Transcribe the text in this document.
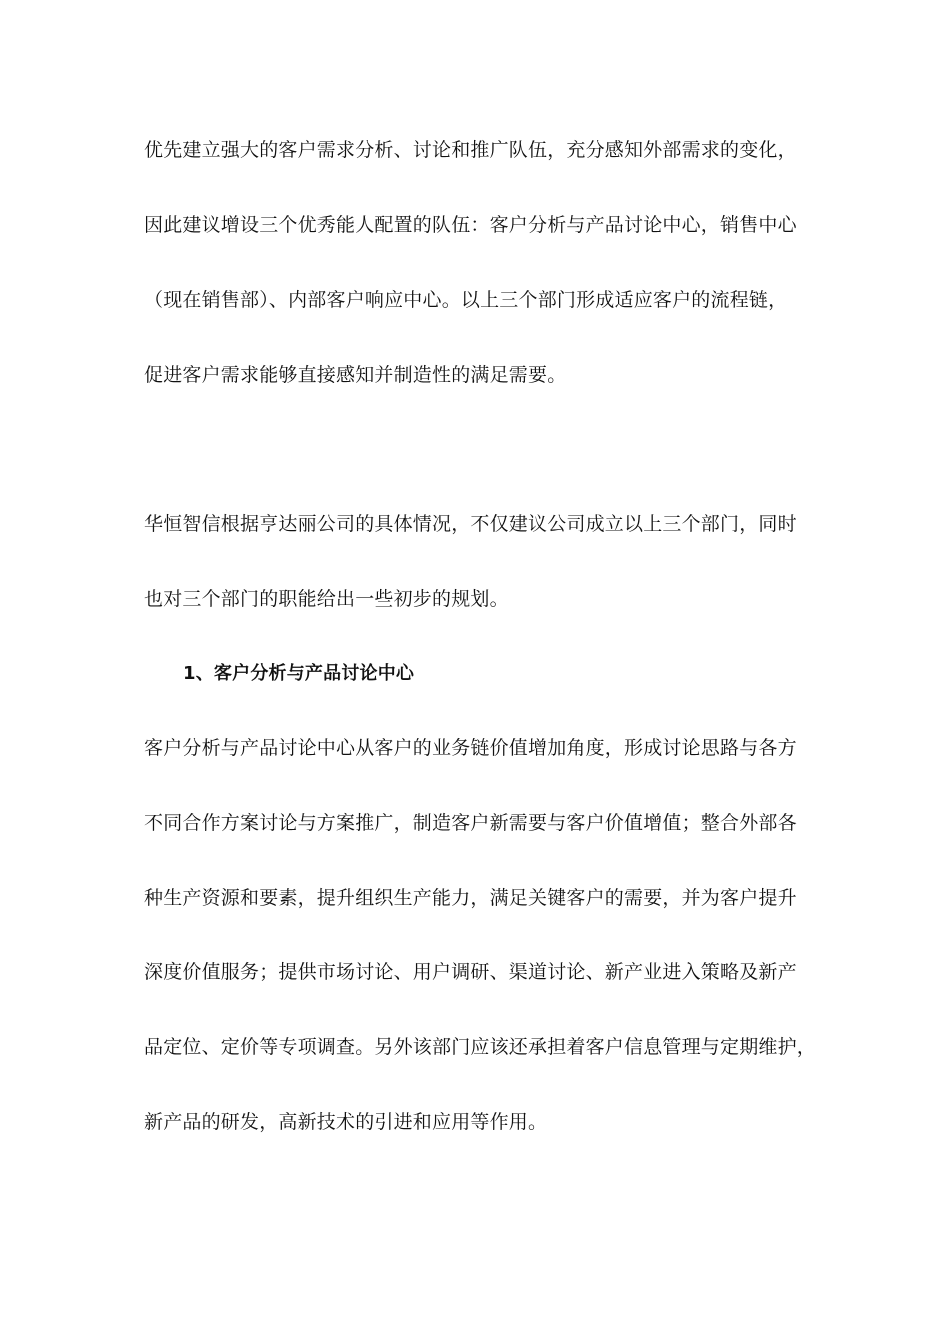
优先建立强大的客户需求分析、讨论和推广队伍，充分感知外部需求的变化，
因此建议增设三个优秀能人配置的队伍：客户分析与产品讨论中心，销售中心
（现在销售部）、内部客户响应中心。以上三个部门形成适应客户的流程链，
促进客户需求能够直接感知并制造性的满足需要。
华恒智信根据亨达丽公司的具体情况，不仅建议公司成立以上三个部门，同时
也对三个部门的职能给出一些初步的规划。
1、客户分析与产品讨论中心
客户分析与产品讨论中心从客户的业务链价值增加角度，形成讨论思路与各方
不同合作方案讨论与方案推广，制造客户新需要与客户价值增值；整合外部各
种生产资源和要素，提升组织生产能力，满足关键客户的需要，并为客户提升
深度价值服务；提供市场讨论、用户调研、渠道讨论、新产业进入策略及新产
品定位、定价等专项调查。另外该部门应该还承担着客户信息管理与定期维护，
新产品的研发，高新技术的引进和应用等作用。
